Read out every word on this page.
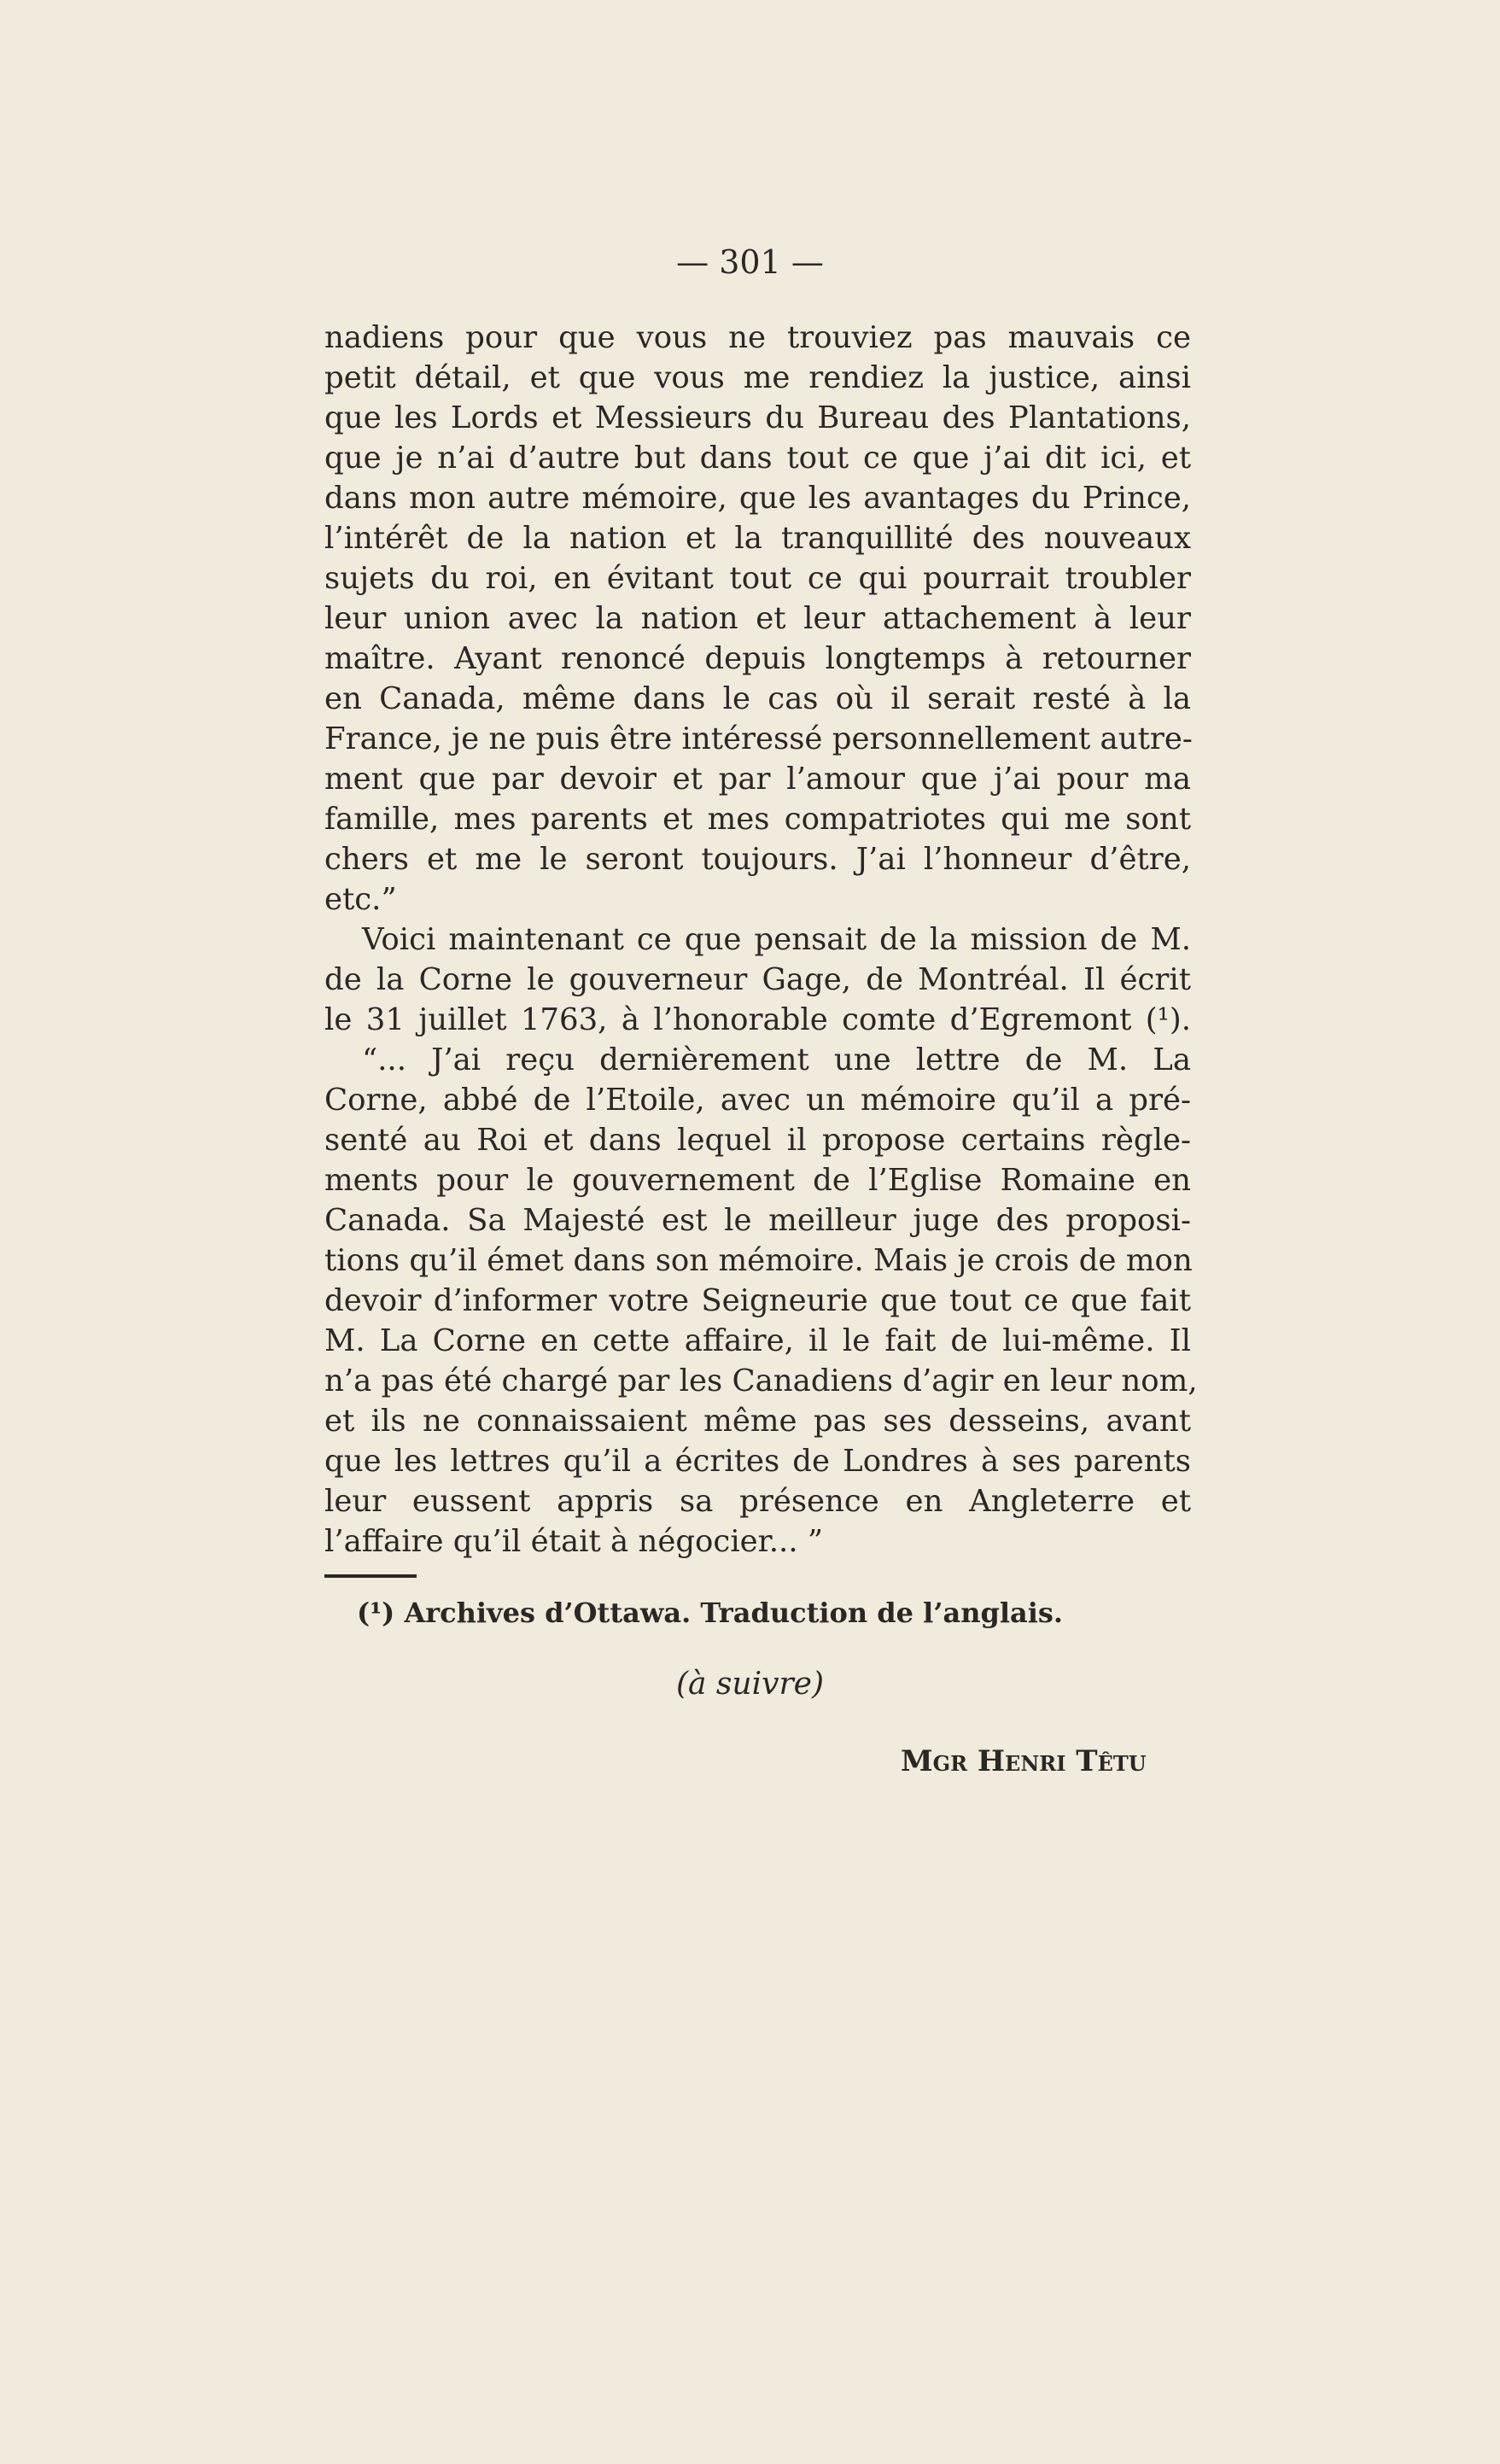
— 301 —
nadiens pour que vous ne trouviez pas mauvais ce
petit détail, et que vous me rendiez la justice, ainsi
que les Lords et Messieurs du Bureau des Plantations,
que je n’ai d’autre but dans tout ce que j’ai dit ici, et
dans mon autre mémoire, que les avantages du Prince,
l’intérêt de la nation et la tranquillité des nouveaux
sujets du roi, en évitant tout ce qui pourrait troubler
leur union avec la nation et leur attachement à leur
maître. Ayant renoncé depuis longtemps à retourner
en Canada, même dans le cas où il serait resté à la
France, je ne puis être intéressé personnellement autre-
ment que par devoir et par l’amour que j’ai pour ma
famille, mes parents et mes compatriotes qui me sont
chers et me le seront toujours. J’ai l’honneur d’être,
etc.”
Voici maintenant ce que pensait de la mission de M.
de la Corne le gouverneur Gage, de Montréal. Il écrit
le 31 juillet 1763, à l’honorable comte d’Egremont (¹).
“... J’ai reçu dernièrement une lettre de M. La
Corne, abbé de l’Etoile, avec un mémoire qu’il a pré-
senté au Roi et dans lequel il propose certains règle-
ments pour le gouvernement de l’Eglise Romaine en
Canada. Sa Majesté est le meilleur juge des proposi-
tions qu’il émet dans son mémoire. Mais je crois de mon
devoir d’informer votre Seigneurie que tout ce que fait
M. La Corne en cette affaire, il le fait de lui-même. Il
n’a pas été chargé par les Canadiens d’agir en leur nom,
et ils ne connaissaient même pas ses desseins, avant
que les lettres qu’il a écrites de Londres à ses parents
leur eussent appris sa présence en Angleterre et
l’affaire qu’il était à négocier... ”
(¹) Archives d’Ottawa. Traduction de l’anglais.
(à suivre)
Mgr Henri Têtu
